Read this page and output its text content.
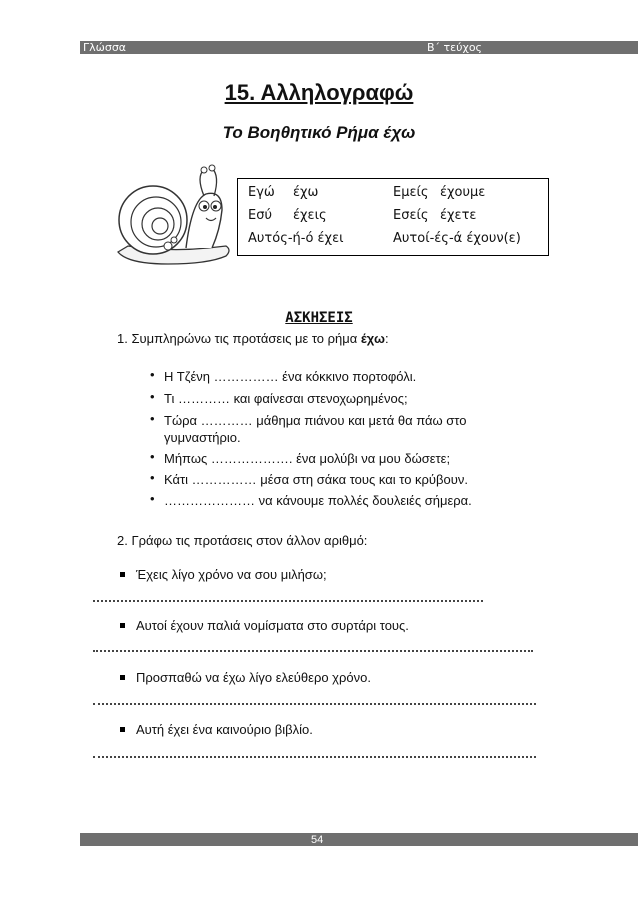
Γλώσσα	Β΄ τεύχος
15. Αλληλογραφώ
Το Βοηθητικό Ρήμα έχω
Εγώ έχω	Εμείς έχουμε
Εσύ έχεις	Εσείς έχετε
Αυτός-ή-ό έχει	Αυτοί-ές-ά έχουν(ε)
ΑΣΚΗΣΕΙΣ
1. Συμπληρώνω τις προτάσεις με το ρήμα έχω:
• Η Τζένη …………… ένα κόκκινο πορτοφόλι.
• Τι ………… και φαίνεσαι στενοχωρημένος;
• Τώρα ………… μάθημα πιάνου και μετά θα πάω στο
γυμναστήριο.
• Μήπως ………………. ένα μολύβι να μου δώσετε;
• Κάτι …………… μέσα στη σάκα τους και το κρύβουν.
• ………………… να κάνουμε πολλές δουλειές σήμερα.
2. Γράφω τις προτάσεις στον άλλον αριθμό:
Έχεις λίγο χρόνο να σου μιλήσω;
Αυτοί έχουν παλιά νομίσματα στο συρτάρι τους.
Προσπαθώ να έχω λίγο ελεύθερο χρόνο.
Αυτή έχει ένα καινούριο βιβλίο.
54
